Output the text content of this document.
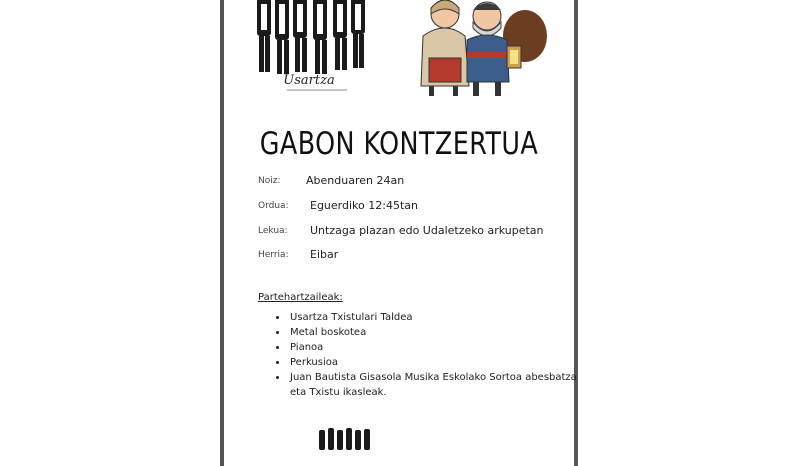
Usartza
GABON KONTZERTUA
Noiz: Abenduaren 24an
Ordua: Eguerdiko 12:45tan
Lekua: Untzaga plazan edo Udaletzeko arkupetan
Herria: Eibar
Partehartzaileak:
• Usartza Txistulari Taldea
• Metal boskotea
• Pianoa
• Perkusioa
• Juan Bautista Gisasola Musika Eskolako Sortoa abesbatza eta Txistu ikasleak.
